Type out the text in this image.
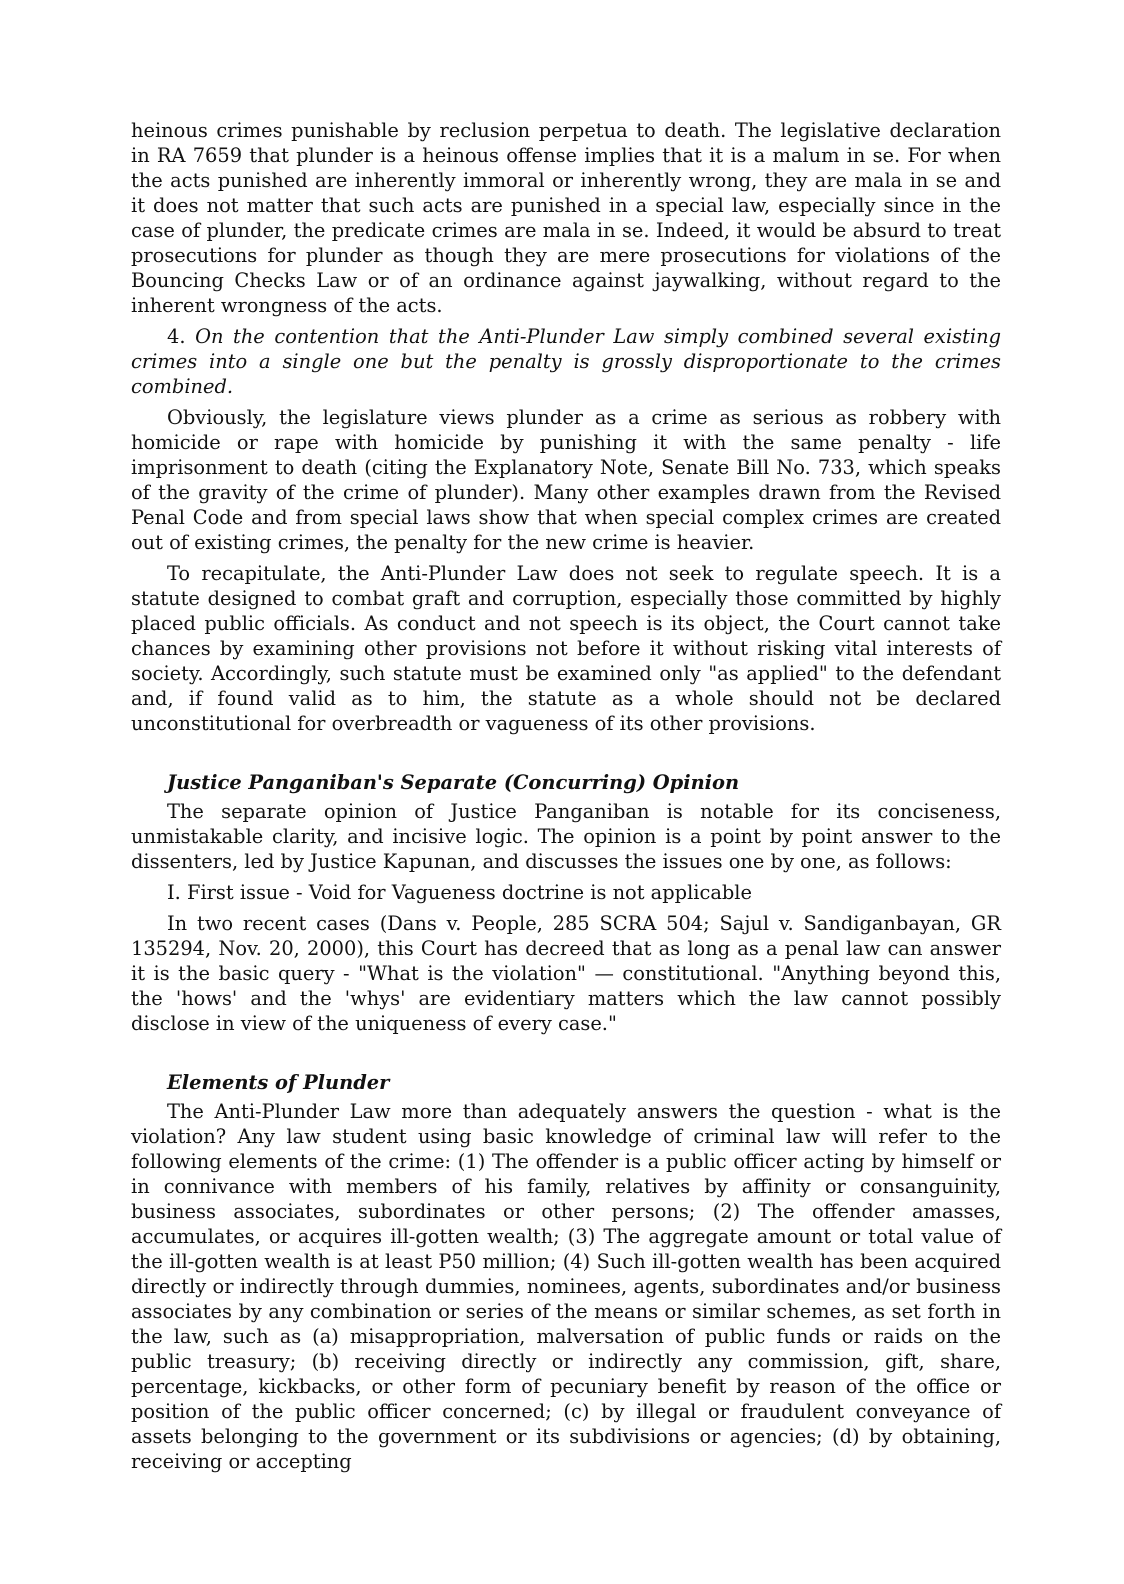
heinous crimes punishable by reclusion perpetua to death. The legislative declaration in RA 7659 that plunder is a heinous offense implies that it is a malum in se. For when the acts punished are inherently immoral or inherently wrong, they are mala in se and it does not matter that such acts are punished in a special law, especially since in the case of plunder, the predicate crimes are mala in se. Indeed, it would be absurd to treat prosecutions for plunder as though they are mere prosecutions for violations of the Bouncing Checks Law or of an ordinance against jaywalking, without regard to the inherent wrongness of the acts.

4. On the contention that the Anti-Plunder Law simply combined several existing crimes into a single one but the penalty is grossly disproportionate to the crimes combined.

Obviously, the legislature views plunder as a crime as serious as robbery with homicide or rape with homicide by punishing it with the same penalty - life imprisonment to death (citing the Explanatory Note, Senate Bill No. 733, which speaks of the gravity of the crime of plunder). Many other examples drawn from the Revised Penal Code and from special laws show that when special complex crimes are created out of existing crimes, the penalty for the new crime is heavier.

To recapitulate, the Anti-Plunder Law does not seek to regulate speech. It is a statute designed to combat graft and corruption, especially those committed by highly placed public officials. As conduct and not speech is its object, the Court cannot take chances by examining other provisions not before it without risking vital interests of society. Accordingly, such statute must be examined only "as applied" to the defendant and, if found valid as to him, the statute as a whole should not be declared unconstitutional for overbreadth or vagueness of its other provisions.

Justice Panganiban's Separate (Concurring) Opinion

The separate opinion of Justice Panganiban is notable for its conciseness, unmistakable clarity, and incisive logic. The opinion is a point by point answer to the dissenters, led by Justice Kapunan, and discusses the issues one by one, as follows:

I. First issue - Void for Vagueness doctrine is not applicable

In two recent cases (Dans v. People, 285 SCRA 504; Sajul v. Sandiganbayan, GR 135294, Nov. 20, 2000), this Court has decreed that as long as a penal law can answer it is the basic query - "What is the violation" — constitutional. "Anything beyond this, the 'hows' and the 'whys' are evidentiary matters which the law cannot possibly disclose in view of the uniqueness of every case."

Elements of Plunder

The Anti-Plunder Law more than adequately answers the question - what is the violation? Any law student using basic knowledge of criminal law will refer to the following elements of the crime: (1) The offender is a public officer acting by himself or in connivance with members of his family, relatives by affinity or consanguinity, business associates, subordinates or other persons; (2) The offender amasses, accumulates, or acquires ill-gotten wealth; (3) The aggregate amount or total value of the ill-gotten wealth is at least P50 million; (4) Such ill-gotten wealth has been acquired directly or indirectly through dummies, nominees, agents, subordinates and/or business associates by any combination or series of the means or similar schemes, as set forth in the law, such as (a) misappropriation, malversation of public funds or raids on the public treasury; (b) receiving directly or indirectly any commission, gift, share, percentage, kickbacks, or other form of pecuniary benefit by reason of the office or position of the public officer concerned; (c) by illegal or fraudulent conveyance of assets belonging to the government or its subdivisions or agencies; (d) by obtaining, receiving or accepting
